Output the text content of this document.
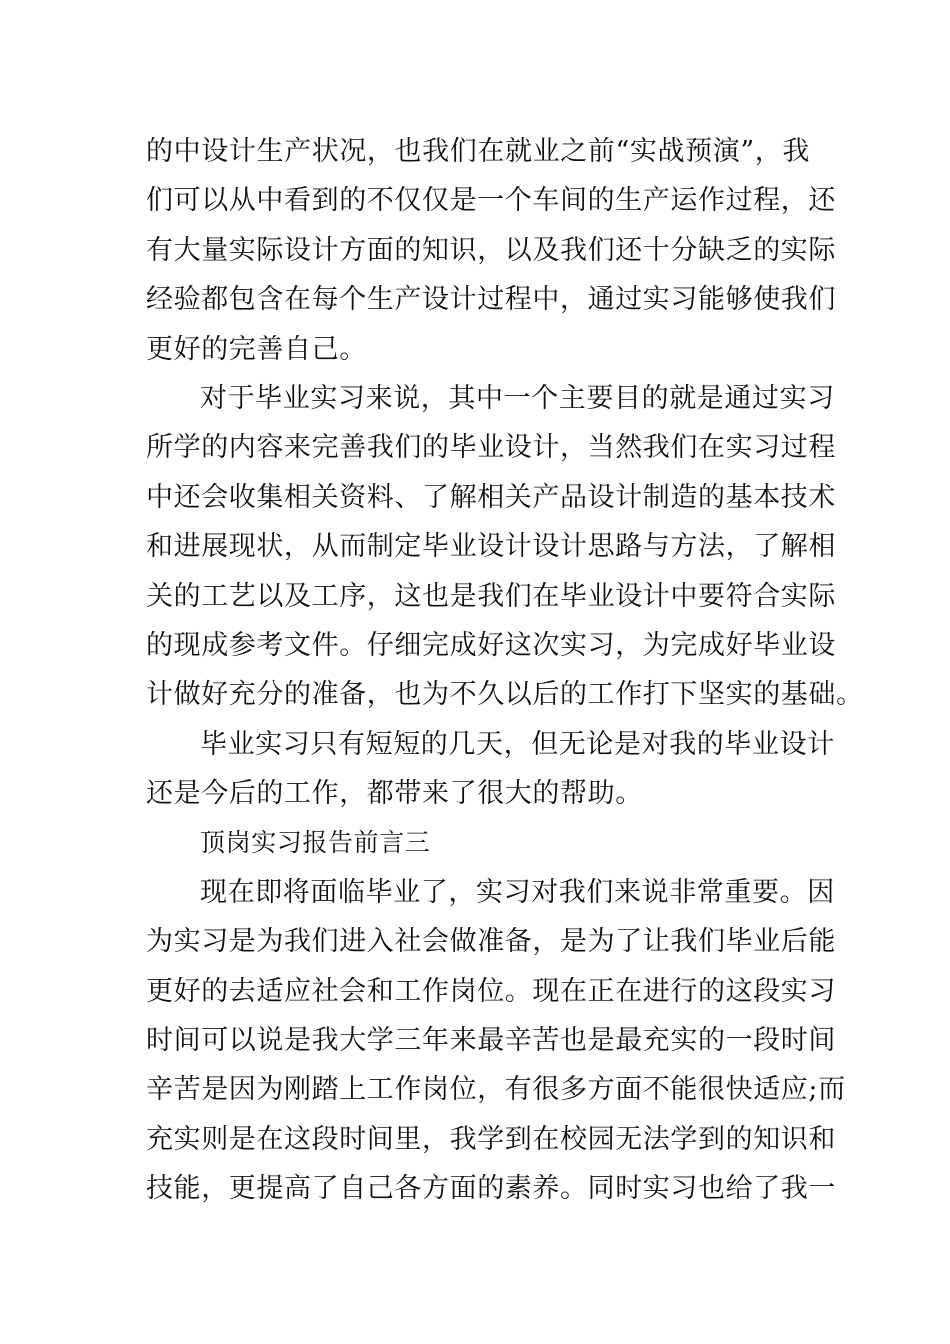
的中设计生产状况，也我们在就业之前“实战预演”，我
们可以从中看到的不仅仅是一个车间的生产运作过程，还
有大量实际设计方面的知识，以及我们还十分缺乏的实际
经验都包含在每个生产设计过程中，通过实习能够使我们
更好的完善自己。
对于毕业实习来说，其中一个主要目的就是通过实习
所学的内容来完善我们的毕业设计，当然我们在实习过程
中还会收集相关资料、了解相关产品设计制造的基本技术
和进展现状，从而制定毕业设计设计思路与方法，了解相
关的工艺以及工序，这也是我们在毕业设计中要符合实际
的现成参考文件。仔细完成好这次实习，为完成好毕业设
计做好充分的准备，也为不久以后的工作打下坚实的基础。
毕业实习只有短短的几天，但无论是对我的毕业设计
还是今后的工作，都带来了很大的帮助。
顶岗实习报告前言三
现在即将面临毕业了，实习对我们来说非常重要。因
为实习是为我们进入社会做准备，是为了让我们毕业后能
更好的去适应社会和工作岗位。现在正在进行的这段实习
时间可以说是我大学三年来最辛苦也是最充实的一段时间
辛苦是因为刚踏上工作岗位，有很多方面不能很快适应;而
充实则是在这段时间里，我学到在校园无法学到的知识和
技能，更提高了自己各方面的素养。同时实习也给了我一
